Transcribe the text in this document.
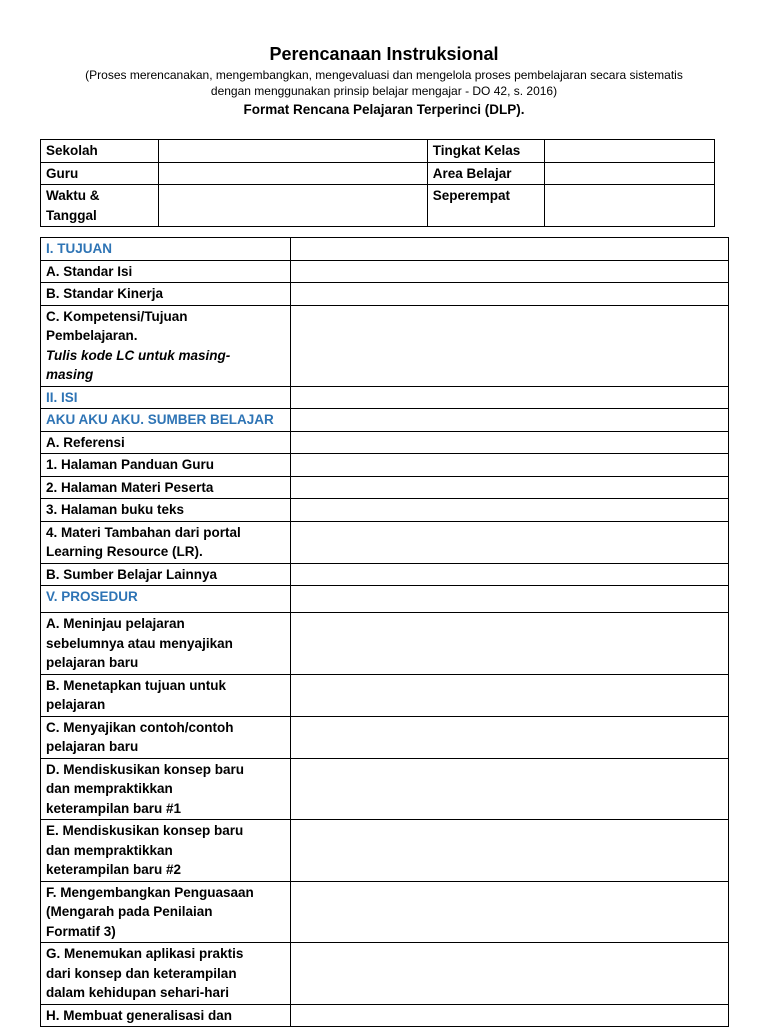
Perencanaan Instruksional
(Proses merencanakan, mengembangkan, mengevaluasi dan mengelola proses pembelajaran secara sistematis
dengan menggunakan prinsip belajar mengajar - DO 42, s. 2016)
Format Rencana Pelajaran Terperinci (DLP).
Sekolah		Tingkat Kelas	
Guru		Area Belajar	
Waktu &
Tanggal		Seperempat	
I. TUJUAN	
A. Standar Isi	
B. Standar Kinerja	
C. Kompetensi/Tujuan
Pembelajaran.
Tulis kode LC untuk masing-
masing	
II. ISI	
AKU AKU AKU. SUMBER BELAJAR	
A. Referensi	
1. Halaman Panduan Guru	
2. Halaman Materi Peserta	
3. Halaman buku teks	
4. Materi Tambahan dari portal
Learning Resource (LR).	
B. Sumber Belajar Lainnya	
V. PROSEDUR	
A. Meninjau pelajaran
sebelumnya atau menyajikan
pelajaran baru	
B. Menetapkan tujuan untuk
pelajaran	
C. Menyajikan contoh/contoh
pelajaran baru	
D. Mendiskusikan konsep baru
dan mempraktikkan
keterampilan baru #1	
E. Mendiskusikan konsep baru
dan mempraktikkan
keterampilan baru #2	
F. Mengembangkan Penguasaan
(Mengarah pada Penilaian
Formatif 3)	
G. Menemukan aplikasi praktis
dari konsep dan keterampilan
dalam kehidupan sehari-hari	
H. Membuat generalisasi dan	
